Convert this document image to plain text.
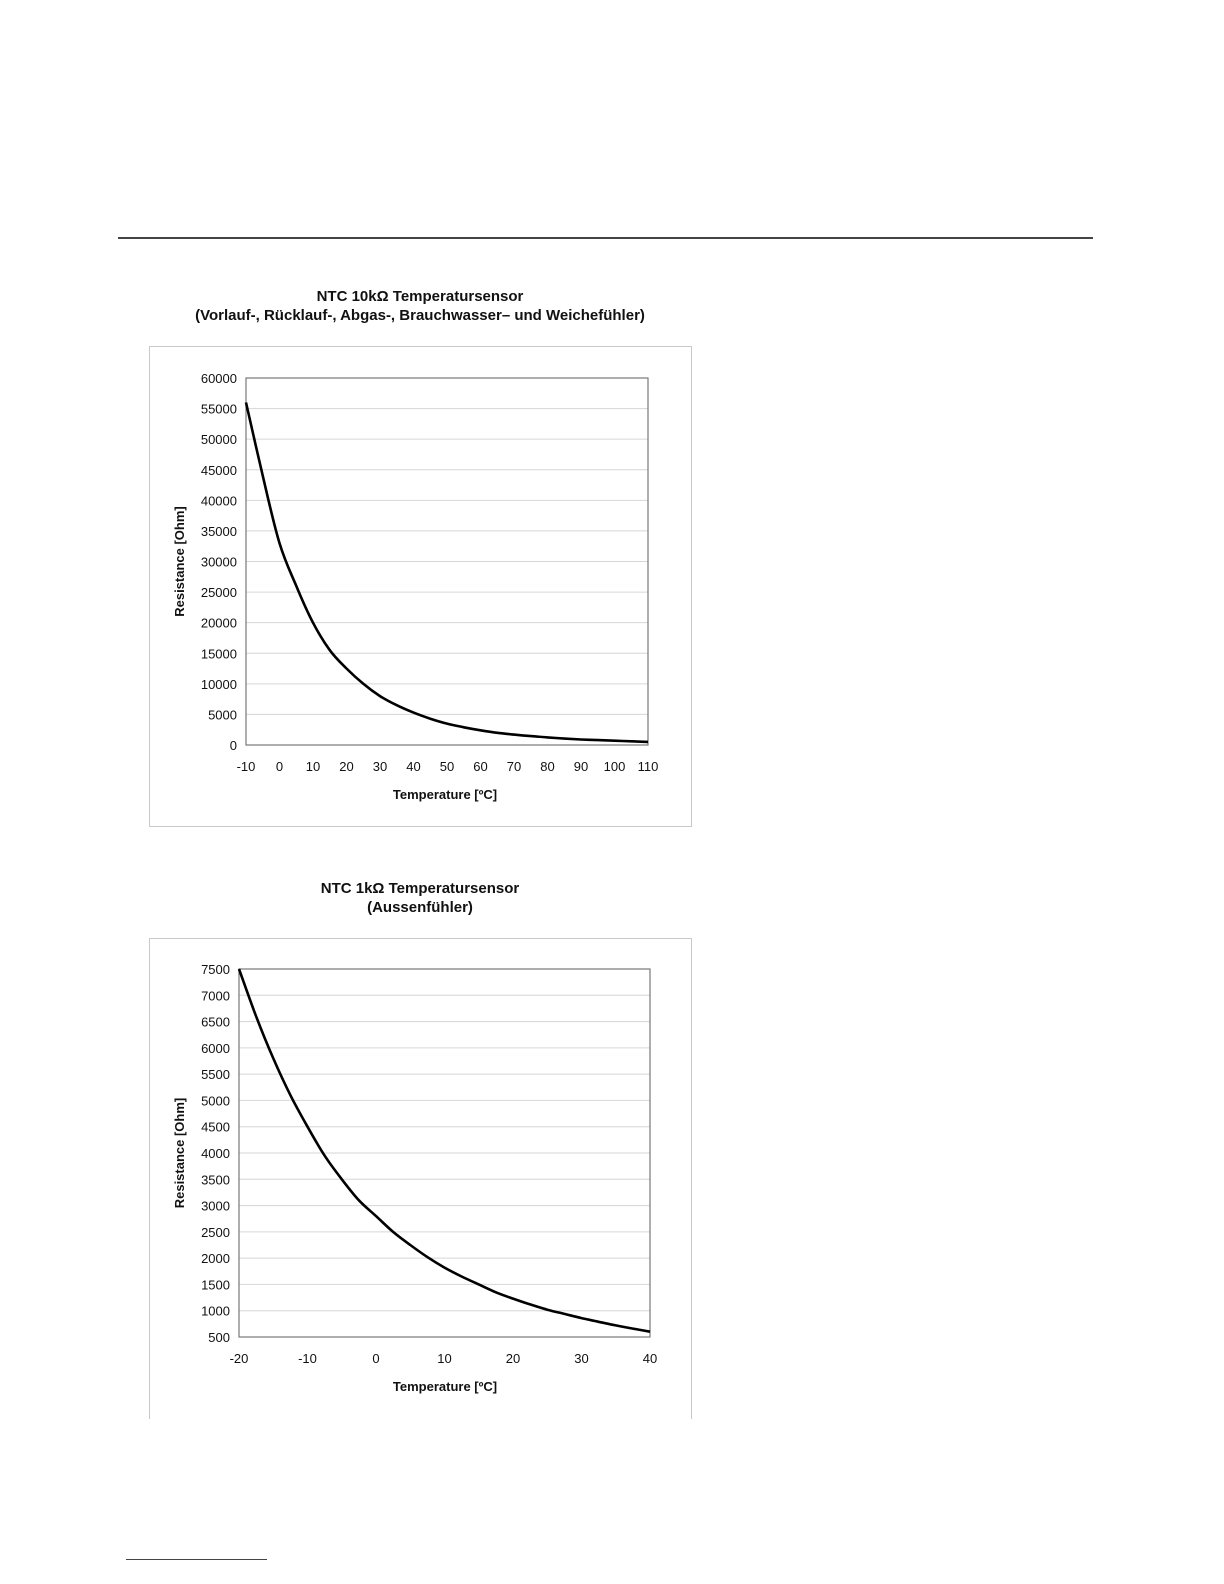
NTC 10kΩ Temperatursensor
(Vorlauf-, Rücklauf-, Abgas-, Brauchwasser– und Weichefühler)
NTC 1kΩ Temperatursensor
(Aussenfühler)
0
5000
10000
15000
20000
25000
30000
35000
40000
45000
50000
55000
60000
-10 0 10 20 30 40 50 60 70 80 90 100 110
Temperature [ºC]
Resistance [Ohm]
500
1000
1500
2000
2500
3000
3500
4000
4500
5000
5500
6000
6500
7000
7500
-20	-10	0	10	20	30	40
Temperature [ºC]
Resistance [Ohm]
